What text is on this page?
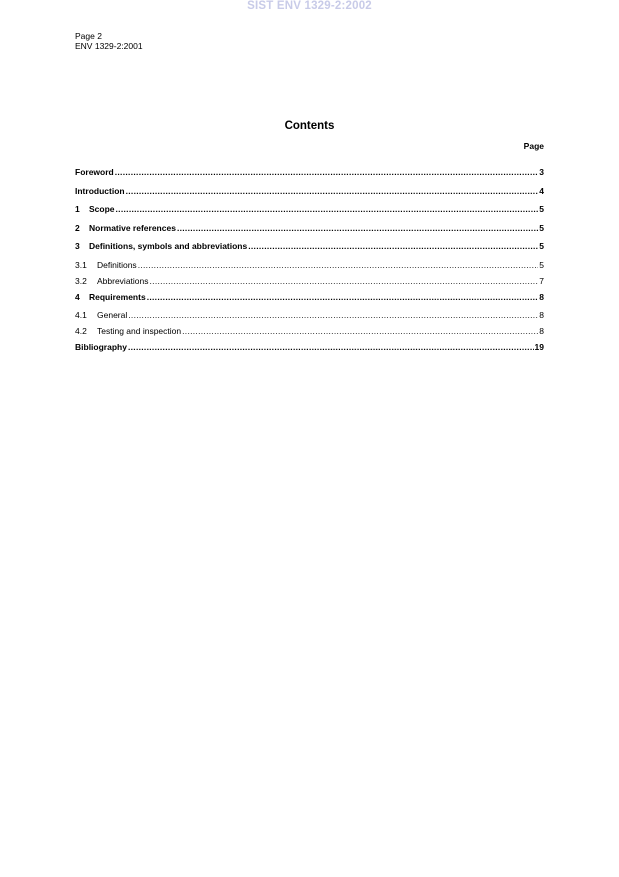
SIST ENV 1329-2:2002
Page 2
ENV 1329-2:2001
Contents
Page
Foreword .....	3
Introduction .....	4
1	Scope .....	5
2	Normative references .....	5
3	Definitions, symbols and abbreviations .....	5
3.1	Definitions .....	5
3.2	Abbreviations .....	7
4	Requirements .....	8
4.1	General .....	8
4.2	Testing and inspection .....	8
Bibliography .....	19
